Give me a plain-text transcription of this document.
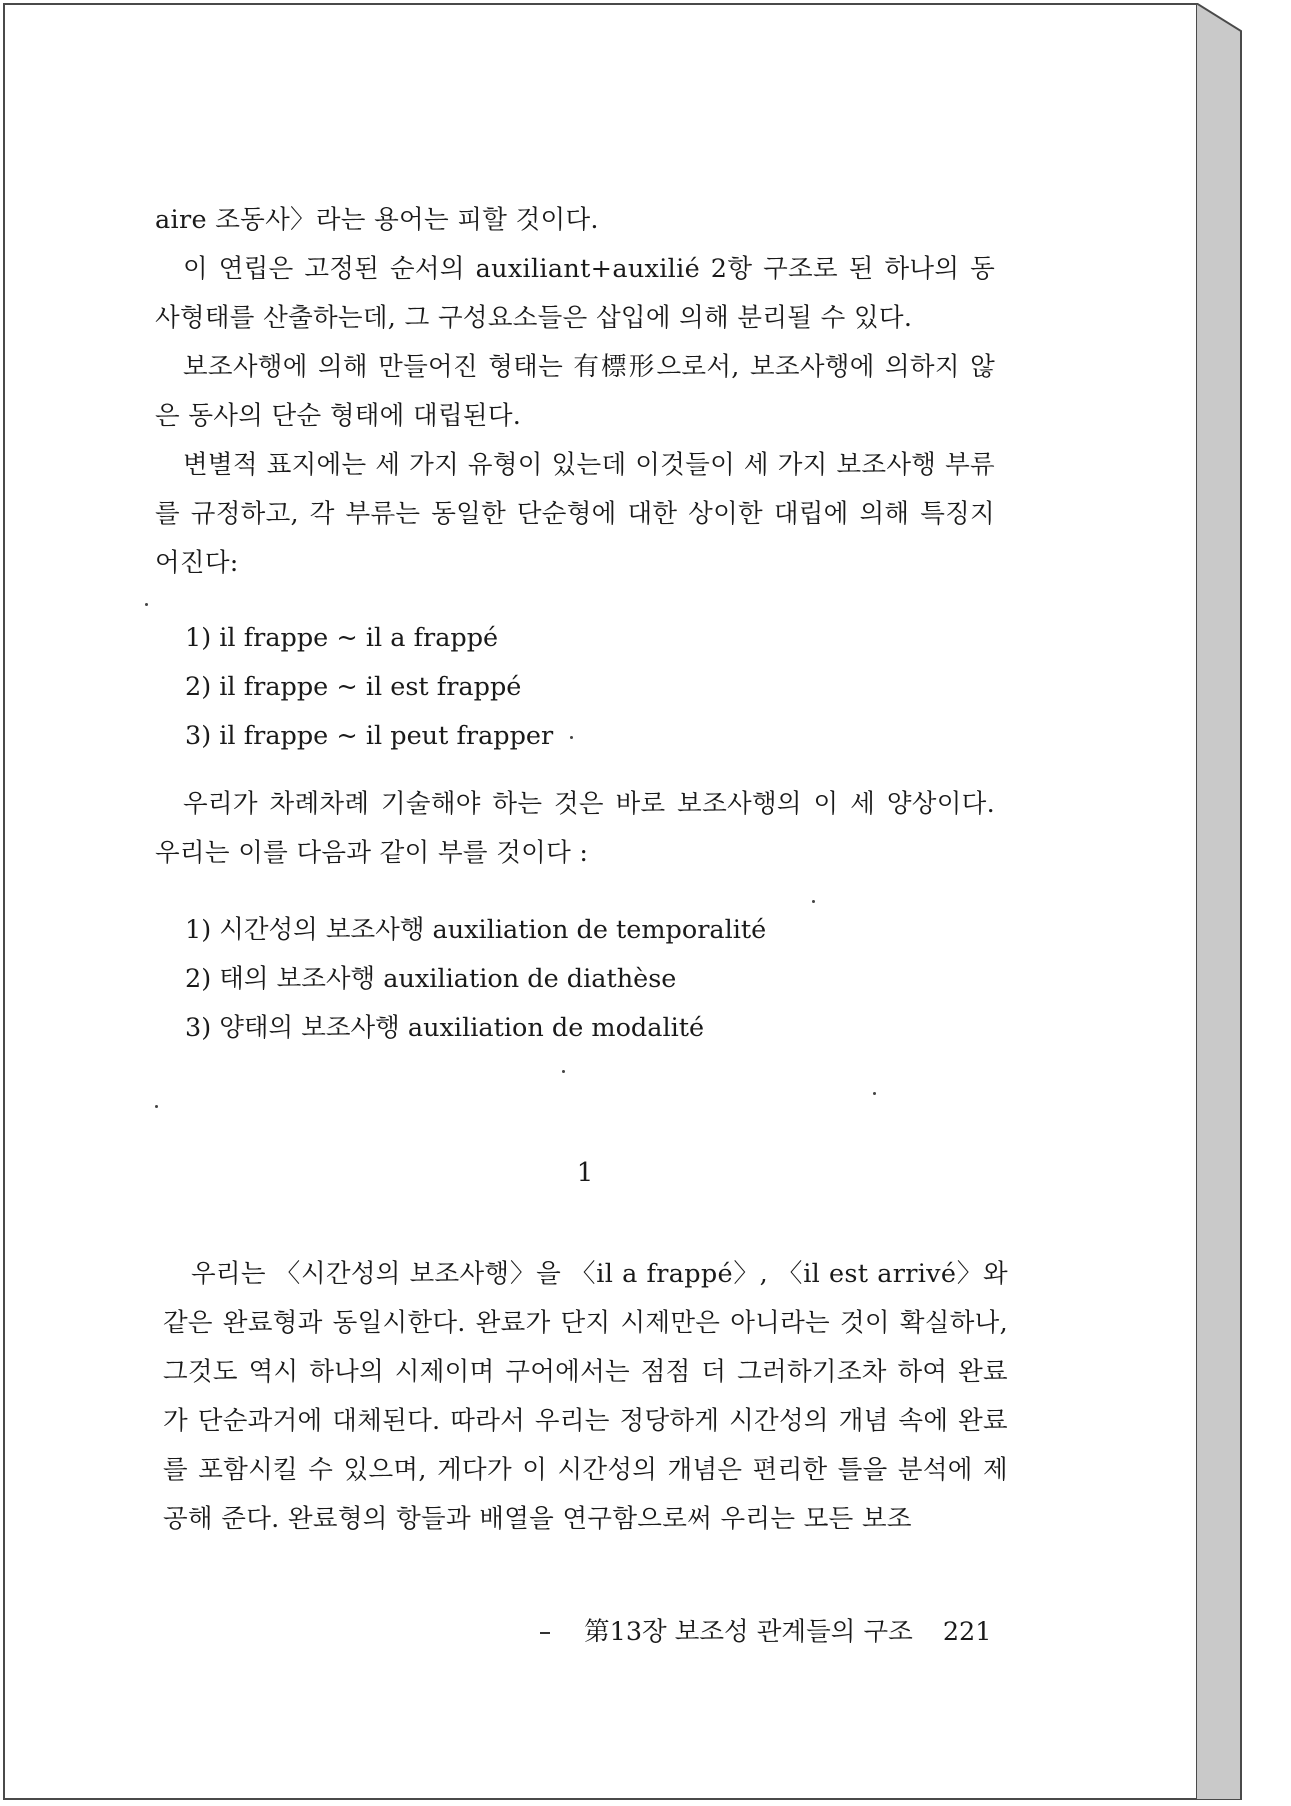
aire 조동사〉라는 용어는 피할 것이다.

이 연립은 고정된 순서의 auxiliant+auxilié 2항 구조로 된 하나의 동사형태를 산출하는데, 그 구성요소들은 삽입에 의해 분리될 수 있다.

보조사행에 의해 만들어진 형태는 有標形으로서, 보조사행에 의하지 않은 동사의 단순 형태에 대립된다.

변별적 표지에는 세 가지 유형이 있는데 이것들이 세 가지 보조사행 부류를 규정하고, 각 부류는 동일한 단순형에 대한 상이한 대립에 의해 특징지어진다:

1) il frappe ~ il a frappé
2) il frappe ~ il est frappé
3) il frappe ~ il peut frapper

우리가 차례차례 기술해야 하는 것은 바로 보조사행의 이 세 양상이다. 우리는 이를 다음과 같이 부를 것이다 :

1) 시간성의 보조사행 auxiliation de temporalité
2) 태의 보조사행 auxiliation de diathèse
3) 양태의 보조사행 auxiliation de modalité
1

우리는 〈시간성의 보조사행〉을 〈il a frappé〉, 〈il est arrivé〉와 같은 완료형과 동일시한다. 완료가 단지 시제만은 아니라는 것이 확실하나, 그것도 역시 하나의 시제이며 구어에서는 점점 더 그러하기조차 하여 완료가 단순과거에 대체된다. 따라서 우리는 정당하게 시간성의 개념 속에 완료를 포함시킬 수 있으며, 게다가 이 시간성의 개념은 편리한 틀을 분석에 제공해 준다. 완료형의 항들과 배열을 연구함으로써 우리는 모든 보조

第13장 보조성 관계들의 구조 221
